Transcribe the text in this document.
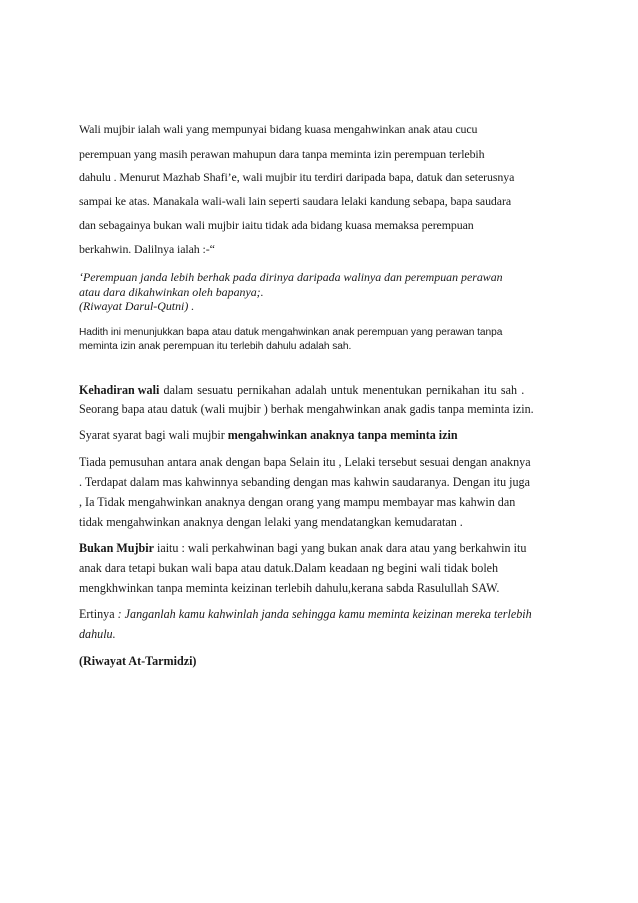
Wali mujbir ialah wali yang mempunyai bidang kuasa mengahwinkan anak atau cucu
perempuan yang masih perawan mahupun dara tanpa meminta izin perempuan terlebih
dahulu . Menurut Mazhab Shafi’e, wali mujbir itu terdiri daripada bapa, datuk dan seterusnya
sampai ke atas. Manakala wali-wali lain seperti saudara lelaki kandung sebapa, bapa saudara
dan sebagainya bukan wali mujbir iaitu tidak ada bidang kuasa memaksa perempuan
berkahwin. Dalilnya ialah :-“
‘Perempuan janda lebih berhak pada dirinya daripada walinya dan perempuan perawan
atau dara dikahwinkan oleh bapanya;.
(Riwayat Darul-Qutni) .
Hadith ini menunjukkan bapa atau datuk mengahwinkan anak perempuan yang perawan tanpa
meminta izin anak perempuan itu terlebih dahulu adalah sah.
Kehadiran wali dalam sesuatu pernikahan adalah untuk menentukan pernikahan itu sah .
Seorang bapa atau datuk (wali mujbir ) berhak mengahwinkan anak gadis tanpa meminta izin.
Syarat syarat bagi wali mujbir mengahwinkan anaknya tanpa meminta izin
Tiada pemusuhan antara anak dengan bapa Selain itu , Lelaki tersebut sesuai dengan anaknya
. Terdapat dalam mas kahwinnya sebanding dengan mas kahwin saudaranya. Dengan itu juga
, Ia Tidak mengahwinkan anaknya dengan orang yang mampu membayar mas kahwin dan
tidak mengahwinkan anaknya dengan lelaki yang mendatangkan kemudaratan .
Bukan Mujbir iaitu : wali perkahwinan bagi yang bukan anak dara atau yang berkahwin itu
anak dara tetapi bukan wali bapa atau datuk.Dalam keadaan ng begini wali tidak boleh
mengkhwinkan tanpa meminta keizinan terlebih dahulu,kerana sabda Rasulullah SAW.
Ertinya : Janganlah kamu kahwinlah janda sehingga kamu meminta keizinan mereka terlebih
dahulu.
(Riwayat At-Tarmidzi)
